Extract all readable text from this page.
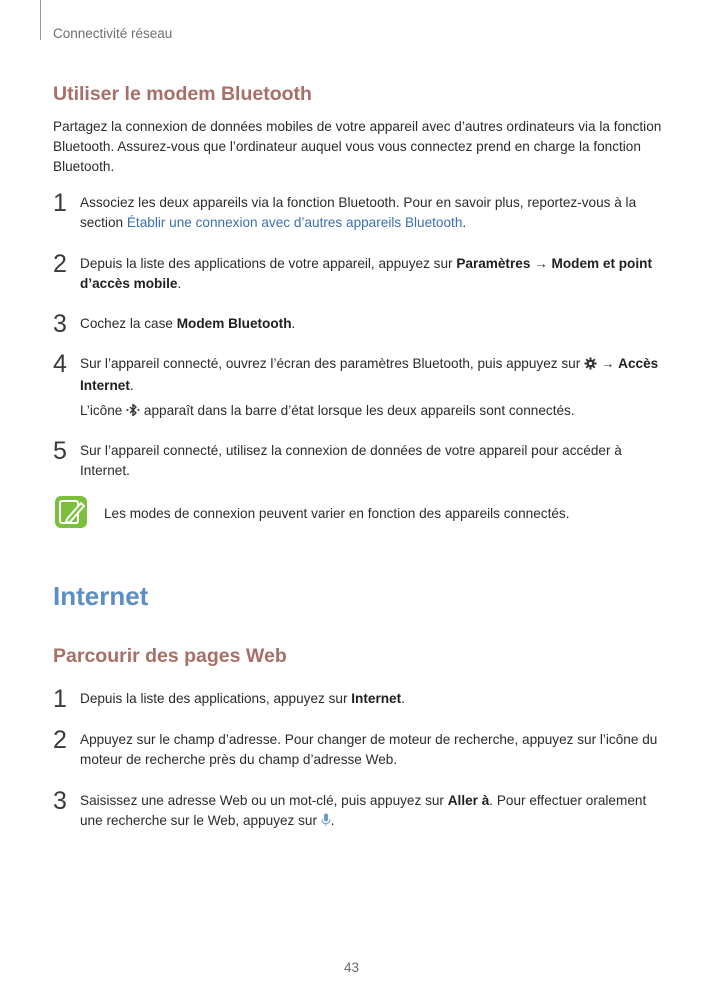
Connectivité réseau
Utiliser le modem Bluetooth

Partagez la connexion de données mobiles de votre appareil avec d’autres ordinateurs via la fonction Bluetooth. Assurez-vous que l’ordinateur auquel vous vous connectez prend en charge la fonction Bluetooth.

1 Associez les deux appareils via la fonction Bluetooth. Pour en savoir plus, reportez-vous à la section Établir une connexion avec d’autres appareils Bluetooth.

2 Depuis la liste des applications de votre appareil, appuyez sur Paramètres → Modem et point d’accès mobile.

3 Cochez la case Modem Bluetooth.

4 Sur l’appareil connecté, ouvrez l’écran des paramètres Bluetooth, puis appuyez sur  → Accès Internet.

L’icône  apparaît dans la barre d’état lorsque les deux appareils sont connectés.

5 Sur l’appareil connecté, utilisez la connexion de données de votre appareil pour accéder à Internet.

Les modes de connexion peuvent varier en fonction des appareils connectés.

Internet
Parcourir des pages Web
1 Depuis la liste des applications, appuyez sur Internet.

2 Appuyez sur le champ d’adresse. Pour changer de moteur de recherche, appuyez sur l’icône du moteur de recherche près du champ d’adresse Web.

3 Saisissez une adresse Web ou un mot-clé, puis appuyez sur Aller à. Pour effectuer oralement une recherche sur le Web, appuyez sur .

43
